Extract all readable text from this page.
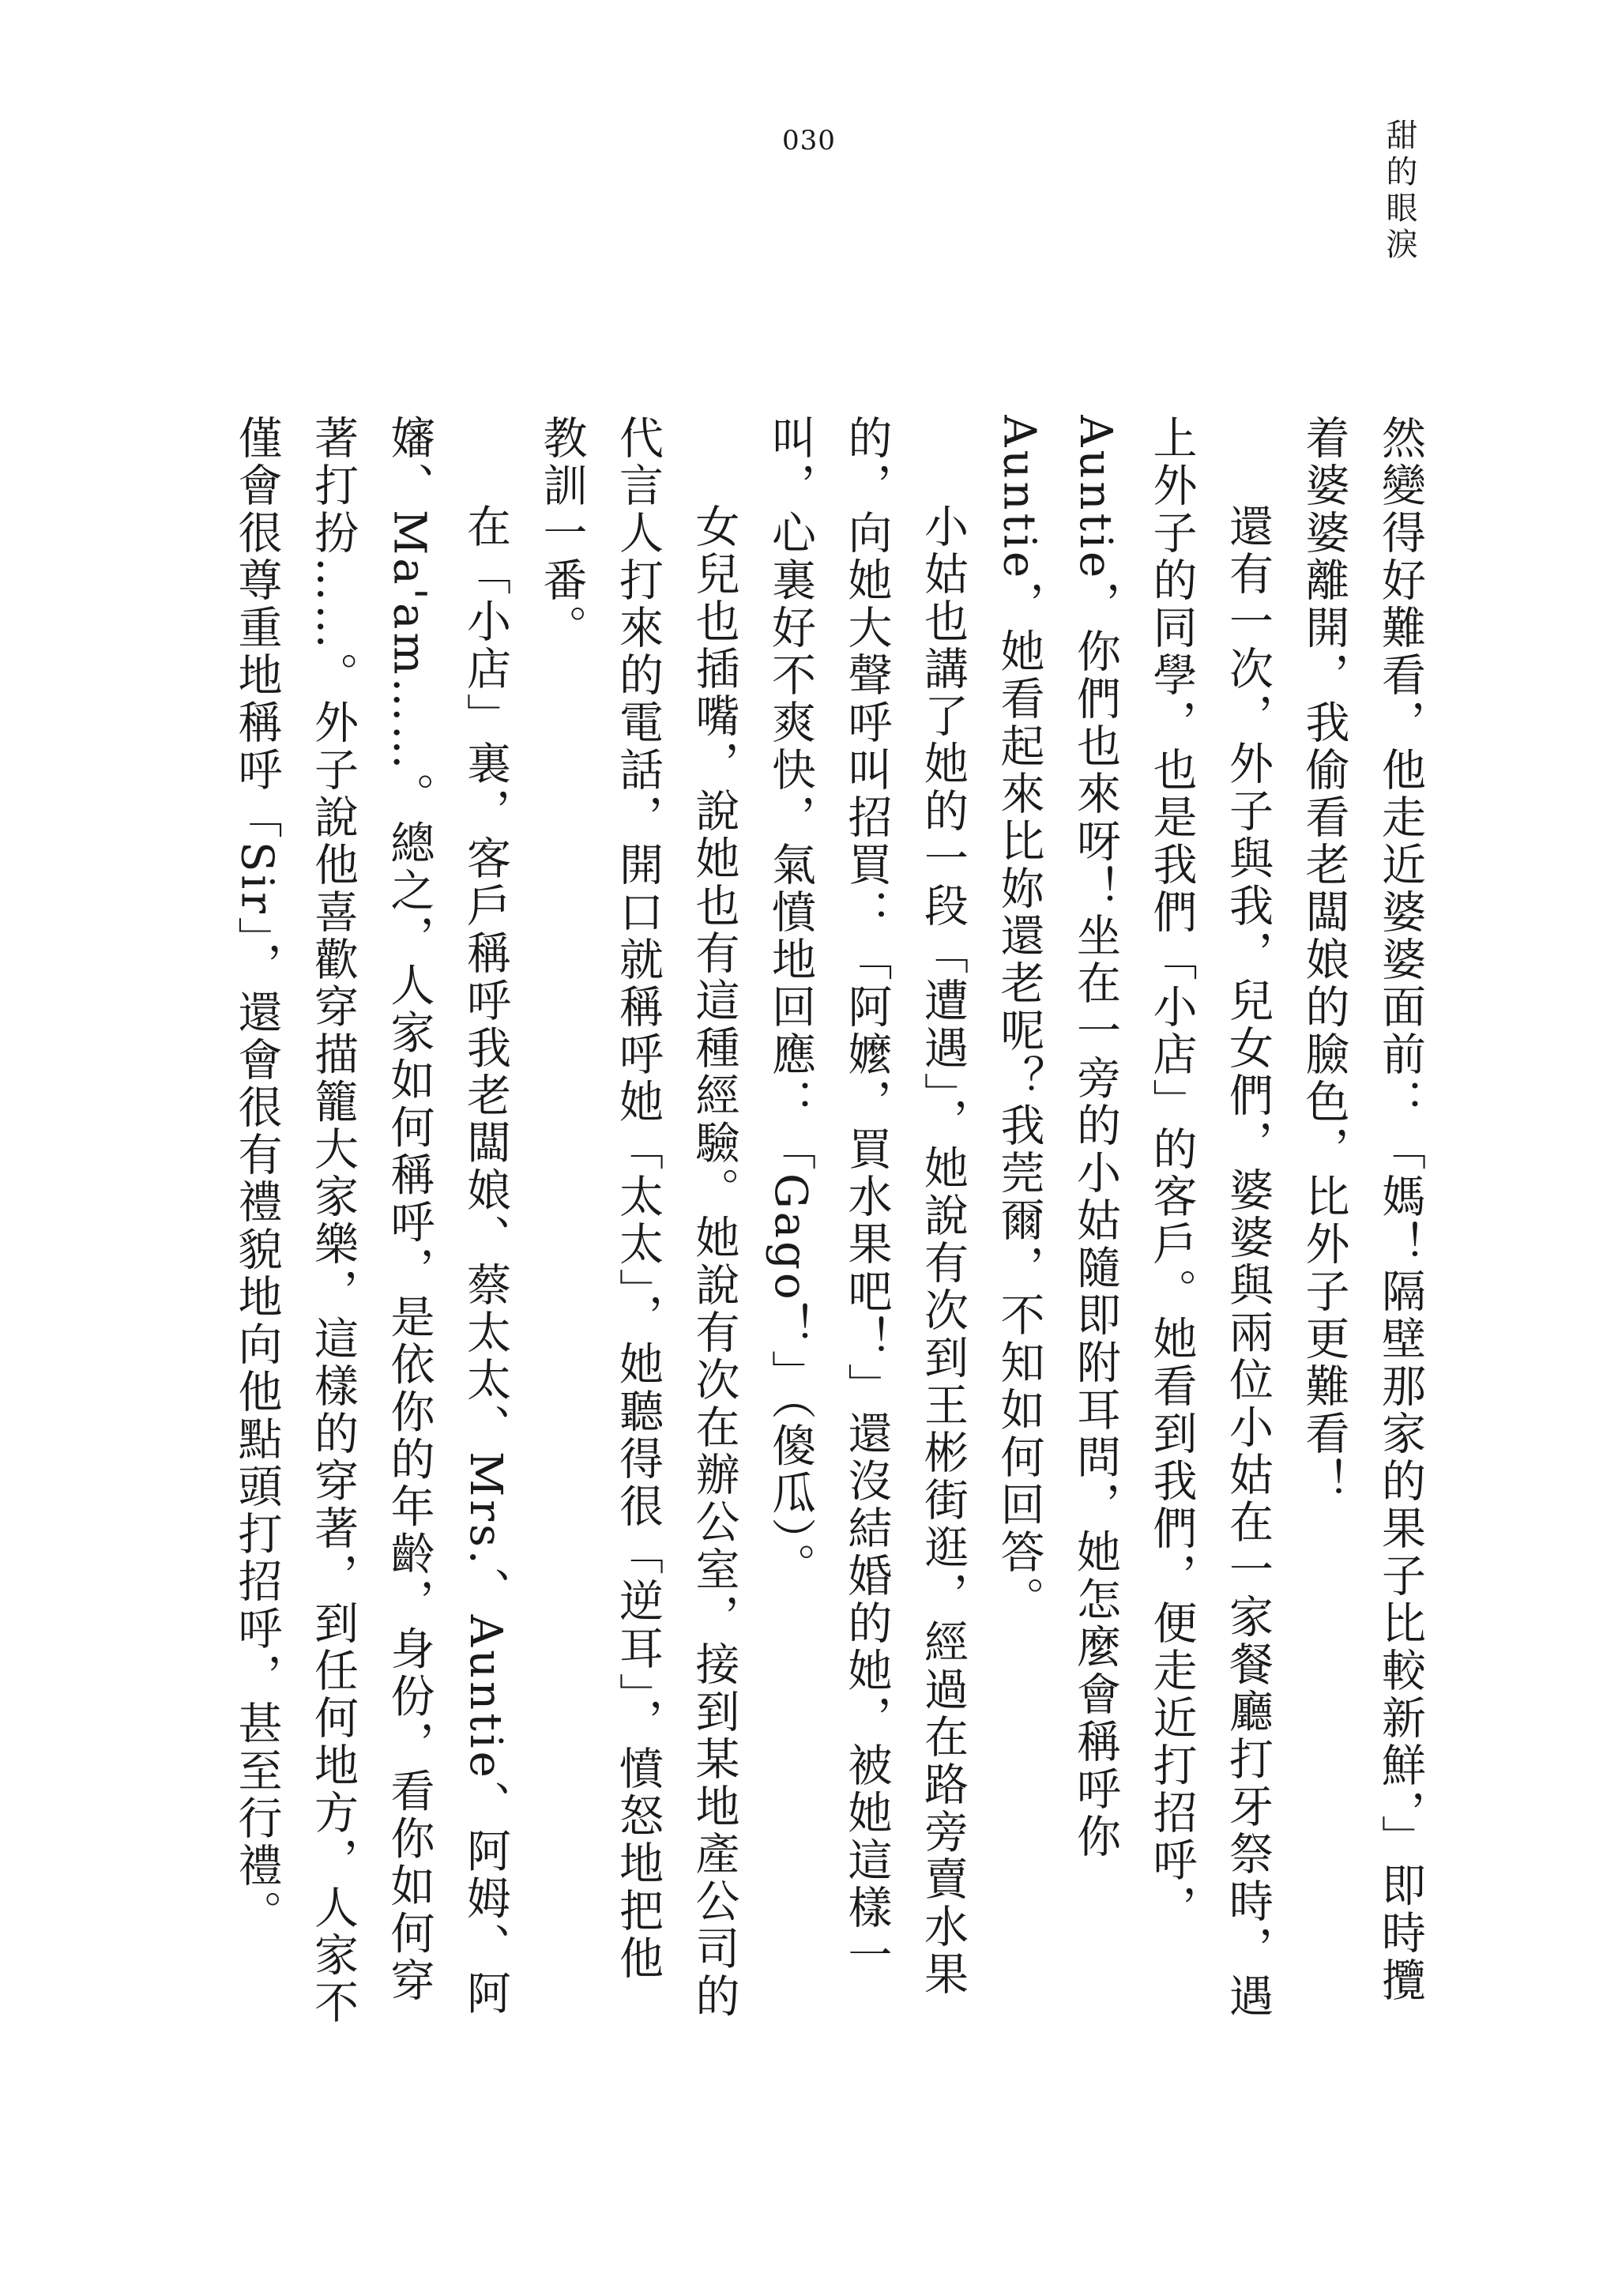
030	甜的眼淚

然變得好難看，他走近婆婆面前：「媽！隔壁那家的果子比較新鮮，」即時攬着婆婆離開，我偷看老闆娘的臉色，比外子更難看！

還有一次，外子與我，兒女們，婆婆與兩位小姑在一家餐廳打牙祭時，遇上外子的同學，也是我們「小店」的客戶。她看到我們，便走近打招呼，Auntie，你們也來呀！坐在一旁的小姑隨即附耳問，她怎麼會稱呼你Auntie，她看起來比妳還老呢？我莞爾，不知如何回答。

小姑也講了她的一段「遭遇」，她說有次到王彬街逛，經過在路旁賣水果的，向她大聲呼叫招買：「阿嬤，買水果吧！」還沒結婚的她，被她這樣一叫，心裏好不爽快，氣憤地回應：「Gago！」（傻瓜）。

女兒也插嘴，說她也有這種經驗。她說有次在辦公室，接到某地產公司的代言人打來的電話，開口就稱呼她「太太」，她聽得很「逆耳」，憤怒地把他教訓一番。

在「小店」裏，客戶稱呼我老闆娘、蔡太太、Mrs.、Auntie、阿姆、阿嬸、Ma'am……。總之，人家如何稱呼，是依你的年齡，身份，看你如何穿著打扮……。外子說他喜歡穿描籠大家樂，這樣的穿著，到任何地方，人家不僅會很尊重地稱呼「Sir」，還會很有禮貌地向他點頭打招呼，甚至行禮。
